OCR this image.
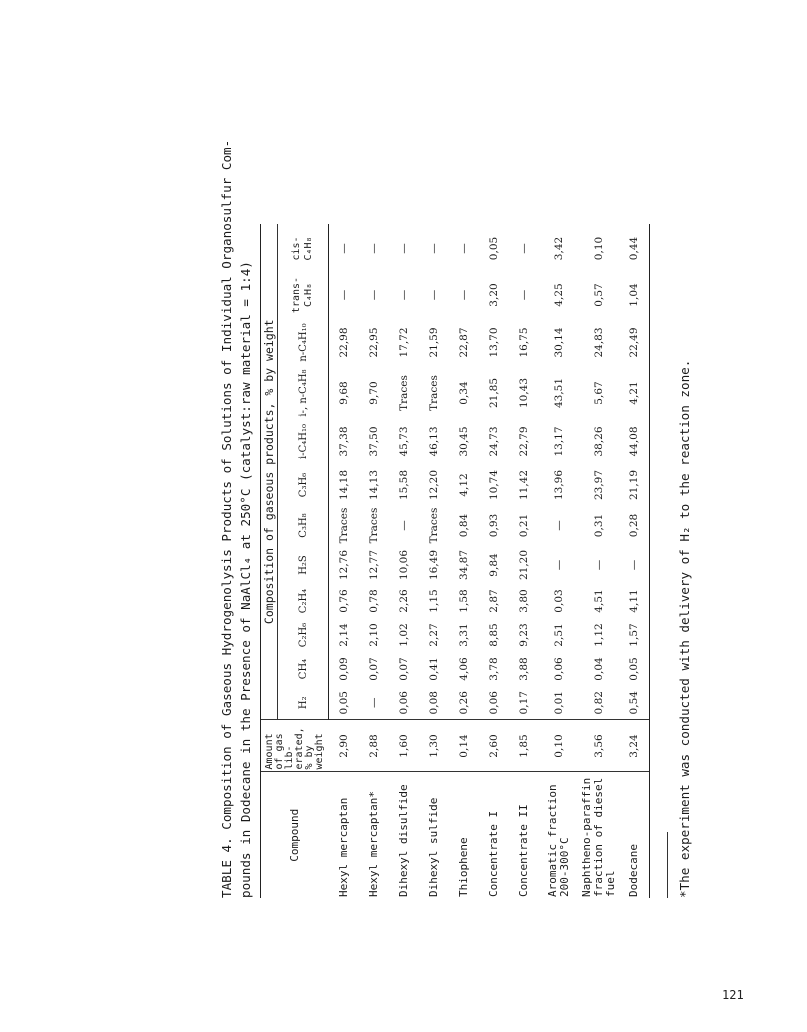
TABLE 4. Composition of Gaseous Hydrogenolysis Products of Solutions of Individual Organosulfur Com- pounds in Dodecane in the Presence of NaAlCl₄ at 250°C (catalyst:raw material = 1:4)	Compound	Amount of gas lib- erated, % by weight	Composition of gaseous products, % by weight											
		H₂	CH₄	C₂H₆	C₂H₄	H₂S	C₃H₈	C₃H₆	i-C₄H₁₀	i-, n-C₄H₈	n-C₄H₁₀	trans- C₄H₈	cis- C₄H₈
Hexyl mercaptan	2,90	0,05	0,09	2,14	0,76	12,76	Traces	14,18	37,38	9,68	22,98	—	—
Hexyl mercaptan*	2,88	—	0,07	2,10	0,78	12,77	Traces	14,13	37,50	9,70	22,95	—	—
Dihexyl disulfide	1,60	0,06	0,07	1,02	2,26	10,06	—	15,58	45,73	Traces	17,72	—	—
Dihexyl sulfide	1,30	0,08	0,41	2,27	1,15	16,49	Traces	12,20	46,13	Traces	21,59	—	—
Thiophene	0,14	0,26	4,06	3,31	1,58	34,87	0,84	4,12	30,45	0,34	22,87	—	—
Concentrate I	2,60	0,06	3,78	8,85	2,87	9,84	0,93	10,74	24,73	21,85	13,70	3,20	0,05
Concentrate II	1,85	0,17	3,88	9,23	3,80	21,20	0,21	11,42	22,79	10,43	16,75	—	—
Aromatic fraction 200-300°C	0,10	0,01	0,06	2,51	0,03	—	—	13,96	13,17	43,51	30,14	4,25	3,42
Naphtheno-paraffin fraction of diesel fuel	3,56	0,82	0,04	1,12	4,51	—	0,31	23,97	38,26	5,67	24,83	0,57	0,10
Dodecane	3,24	0,54	0,05	1,57	4,11	—	0,28	21,19	44,08	4,21	22,49	1,04	0,44
*The experiment was conducted with delivery of H₂ to the reaction zone.
121
